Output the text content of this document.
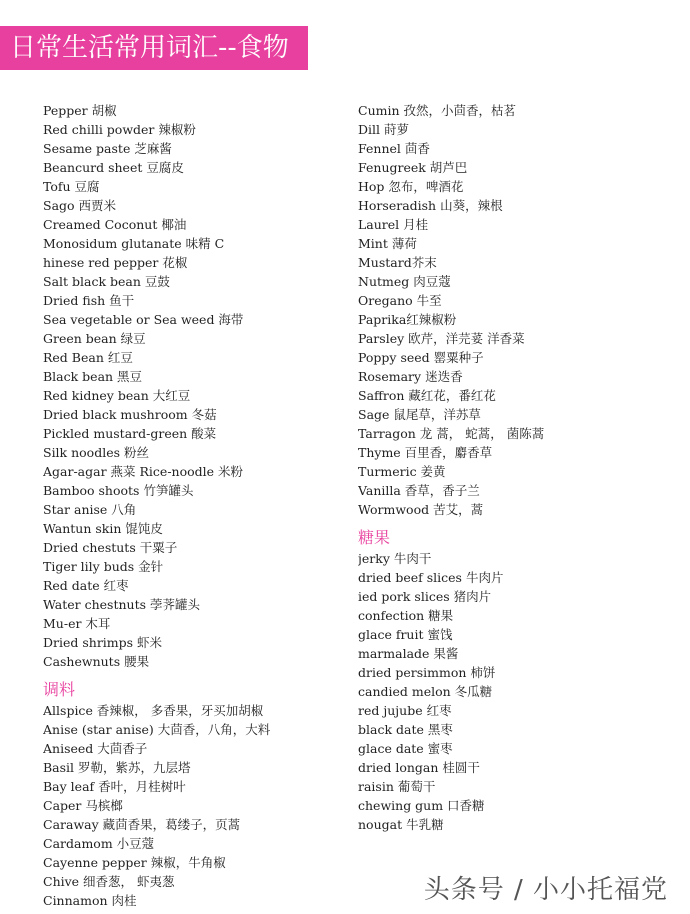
日常生活常用词汇--食物
Pepper 胡椒
Red chilli powder 辣椒粉
Sesame paste 芝麻酱
Beancurd sheet 豆腐皮
Tofu 豆腐
Sago 西贾米
Creamed Coconut 椰油
Monosidum glutanate 味精 C
hinese red pepper 花椒
Salt black bean 豆鼓
Dried fish 鱼干
Sea vegetable or Sea weed 海带
Green bean 绿豆
Red Bean 红豆
Black bean 黑豆
Red kidney bean 大红豆
Dried black mushroom 冬菇
Pickled mustard-green 酸菜
Silk noodles 粉丝
Agar-agar 燕菜 Rice-noodle 米粉
Bamboo shoots 竹笋罐头
Star anise 八角
Wantun skin 馄饨皮
Dried chestuts 干粟子
Tiger lily buds 金针
Red date 红枣
Water chestnuts 荸荠罐头
Mu-er 木耳
Dried shrimps 虾米
Cashewnuts 腰果
调料
Allspice 香辣椒， 多香果，牙买加胡椒
Anise (star anise) 大茴香，八角，大料
Aniseed 大茴香子
Basil 罗勒，紫苏，九层塔
Bay leaf 香叶，月桂树叶
Caper 马槟榔
Caraway 藏茴香果，葛缕子，页蒿
Cardamom 小豆蔻
Cayenne pepper 辣椒，牛角椒
Chive 细香葱， 虾夷葱
Cinnamon 肉桂
Cumin 孜然，小茴香，枯茗
Dill 莳萝
Fennel 茴香
Fenugreek 胡芦巴
Hop 忽布，啤酒花
Horseradish 山葵，辣根
Laurel 月桂
Mint 薄荷
Mustard芥末
Nutmeg 肉豆蔻
Oregano 牛至
Paprika红辣椒粉
Parsley 欧芹，洋芫荽 洋香菜
Poppy seed 罂粟种子
Rosemary 迷迭香
Saffron 藏红花，番红花
Sage 鼠尾草，洋苏草
Tarragon 龙 蒿， 蛇蒿， 菌陈蒿
Thyme 百里香，麝香草
Turmeric 姜黄
Vanilla 香草，香子兰
Wormwood 苦艾，蒿
糖果
jerky 牛肉干
dried beef slices 牛肉片
ied pork slices 猪肉片
confection 糖果
glace fruit 蜜饯
marmalade 果酱
dried persimmon 柿饼
candied melon 冬瓜糖
red jujube 红枣
black date 黑枣
glace date 蜜枣
dried longan 桂圆干
raisin 葡萄干
chewing gum 口香糖
nougat 牛乳糖
头条号 / 小小托福党
